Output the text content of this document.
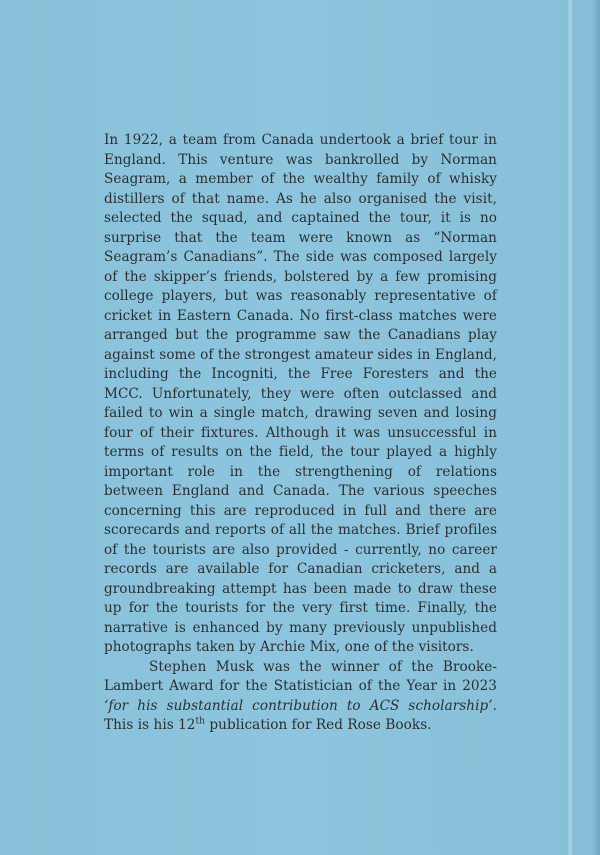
In 1922, a team from Canada undertook a brief tour in England. This venture was bankrolled by Norman Seagram, a member of the wealthy family of whisky distillers of that name. As he also organised the visit, selected the squad, and captained the tour, it is no surprise that the team were known as “Norman Seagram’s Canadians”. The side was composed largely of the skipper’s friends, bolstered by a few promising college players, but was reasonably representative of cricket in Eastern Canada. No first-class matches were arranged but the programme saw the Canadians play against some of the strongest amateur sides in England, including the Incogniti, the Free Foresters and the MCC. Unfortunately, they were often outclassed and failed to win a single match, drawing seven and losing four of their fixtures. Although it was unsuccessful in terms of results on the field, the tour played a highly important role in the strengthening of relations between England and Canada. The various speeches concerning this are reproduced in full and there are scorecards and reports of all the matches. Brief profiles of the tourists are also provided - currently, no career records are available for Canadian cricketers, and a groundbreaking attempt has been made to draw these up for the tourists for the very first time. Finally, the narrative is enhanced by many previously unpublished photographs taken by Archie Mix, one of the visitors.

Stephen Musk was the winner of the Brooke-Lambert Award for the Statistician of the Year in 2023 ‘for his substantial contribution to ACS scholarship’. This is his 12th publication for Red Rose Books.
